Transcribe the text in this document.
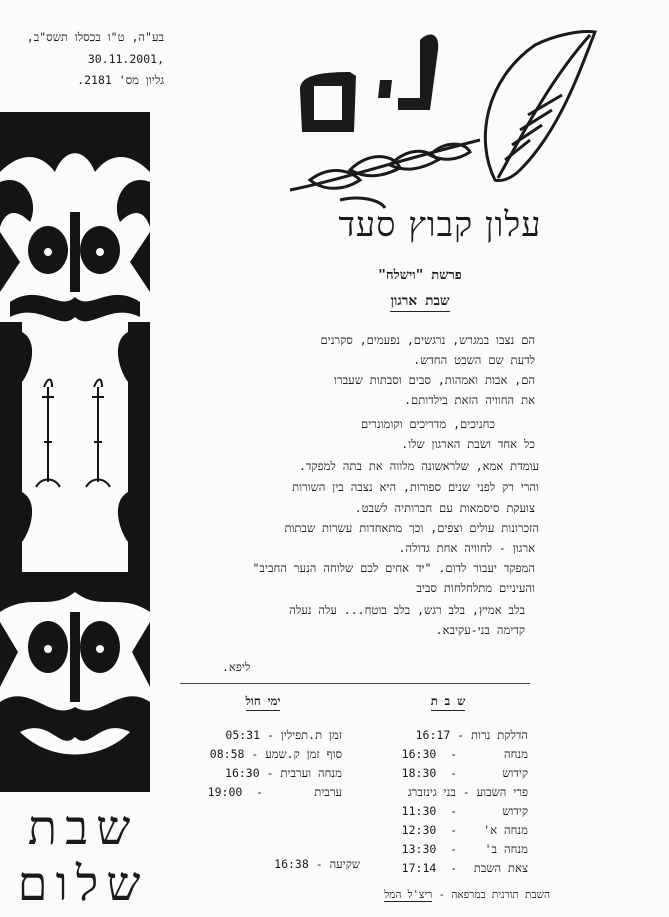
בע"ה, ט"ו בכסלו תשס"ב,
,30.11.2001
גליון מס' 2181.
שבת
שלום
עלון קבוץ סעד
פרשת "וישלח"
שבת ארגון
הם נצבו במגרש, נרגשים, נפעמים, סקרנים
לדעת שם השבט החדש.
הם, אבות ואמהות, סבים וסבתות שעברו
את החוויה הזאת בילדותם.
כחניכים, מדריכים וקומונרים
כל אחד ושבת הארגון שלו.
עומדת אמא, שלראשונה מלווה את בתה למפקד.
והרי רק לפני שנים ספורות, היא נצבה בין השורות
צועקת סיסמאות עם חברותיה לשבט.
הזכרונות עולים וצפים, וכך מתאחדות עשרות שבתות
ארגון - לחוויה אחת גדולה.
המפקד יעבור לדום. "יד אחים לכם שלוחה הנער החביב"
והעיניים מתלחלחות סביב
בלב אמיץ, בלב רגש, בלב בוטח... עלה נעלה
קדימה בני-עקיבא.
ליפא.
ש ב ת
ימי חול
הדלקת נרות
-
16:17
מנחה
-
16:30
קידוש
-
18:30
פרי השבוע - בני גינזברג
קידוש
-
11:30
מנחה א'
-
12:30
מנחה ב'
-
13:30
צאת השבת
-
17:14
זמן ת.תפילין
-
05:31
סוף זמן ק.שמע
-
08:58
מנחה וערבית
-
16:30
ערבית
-
19:00
שקיעה
-
16:38
השבת תורנית במרפאה - ריצ'ל המל
